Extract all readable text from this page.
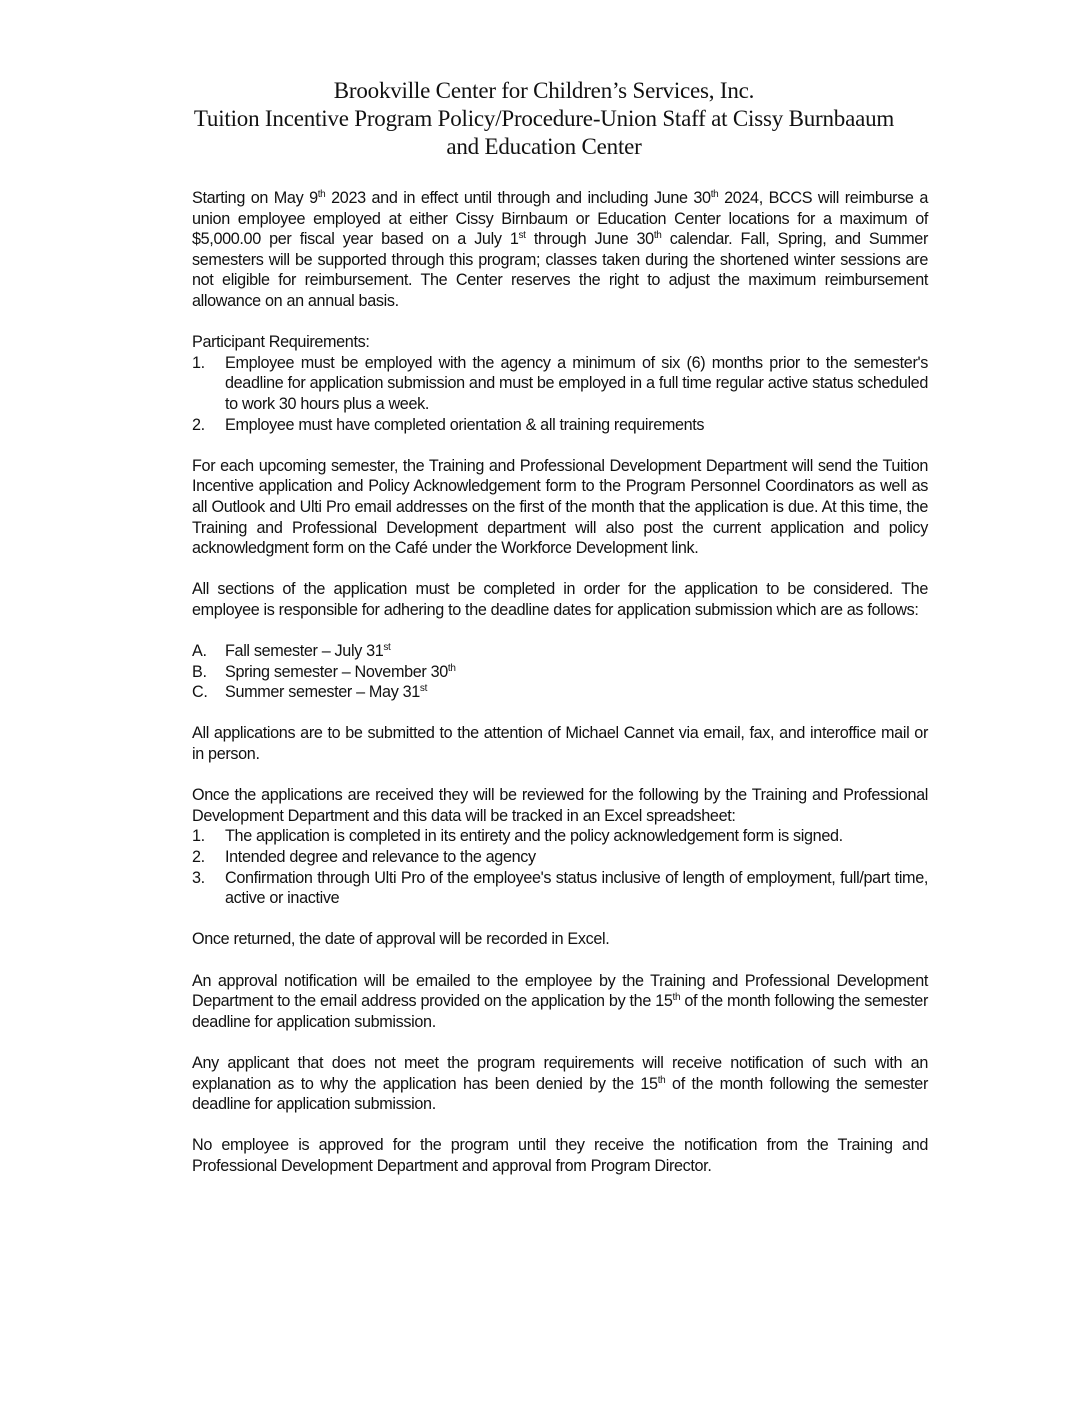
Brookville Center for Children’s Services, Inc.
Tuition Incentive Program Policy/Procedure-Union Staff at Cissy Burnbaaum
and Education Center

Starting on May 9th 2023 and in effect until through and including June 30th 2024, BCCS will reimburse a union employee employed at either Cissy Birnbaum or Education Center locations for a maximum of $5,000.00 per fiscal year based on a July 1st through June 30th calendar. Fall, Spring, and Summer semesters will be supported through this program; classes taken during the shortened winter sessions are not eligible for reimbursement. The Center reserves the right to adjust the maximum reimbursement allowance on an annual basis.

Participant Requirements:

1. Employee must be employed with the agency a minimum of six (6) months prior to the semester's deadline for application submission and must be employed in a full time regular active status scheduled to work 30 hours plus a week.
2. Employee must have completed orientation & all training requirements

For each upcoming semester, the Training and Professional Development Department will send the Tuition Incentive application and Policy Acknowledgement form to the Program Personnel Coordinators as well as all Outlook and Ulti Pro email addresses on the first of the month that the application is due. At this time, the Training and Professional Development department will also post the current application and policy acknowledgment form on the Café under the Workforce Development link.

All sections of the application must be completed in order for the application to be considered. The employee is responsible for adhering to the deadline dates for application submission which are as follows:

A. Fall semester – July 31st
B. Spring semester – November 30th
C. Summer semester – May 31st

All applications are to be submitted to the attention of Michael Cannet via email, fax, and interoffice mail or in person.

Once the applications are received they will be reviewed for the following by the Training and Professional Development Department and this data will be tracked in an Excel spreadsheet:

1. The application is completed in its entirety and the policy acknowledgement form is signed.
2. Intended degree and relevance to the agency
3. Confirmation through Ulti Pro of the employee's status inclusive of length of employment, full/part time, active or inactive

Once returned, the date of approval will be recorded in Excel.

An approval notification will be emailed to the employee by the Training and Professional Development Department to the email address provided on the application by the 15th of the month following the semester deadline for application submission.

Any applicant that does not meet the program requirements will receive notification of such with an explanation as to why the application has been denied by the 15th of the month following the semester deadline for application submission.

No employee is approved for the program until they receive the notification from the Training and Professional Development Department and approval from Program Director.
